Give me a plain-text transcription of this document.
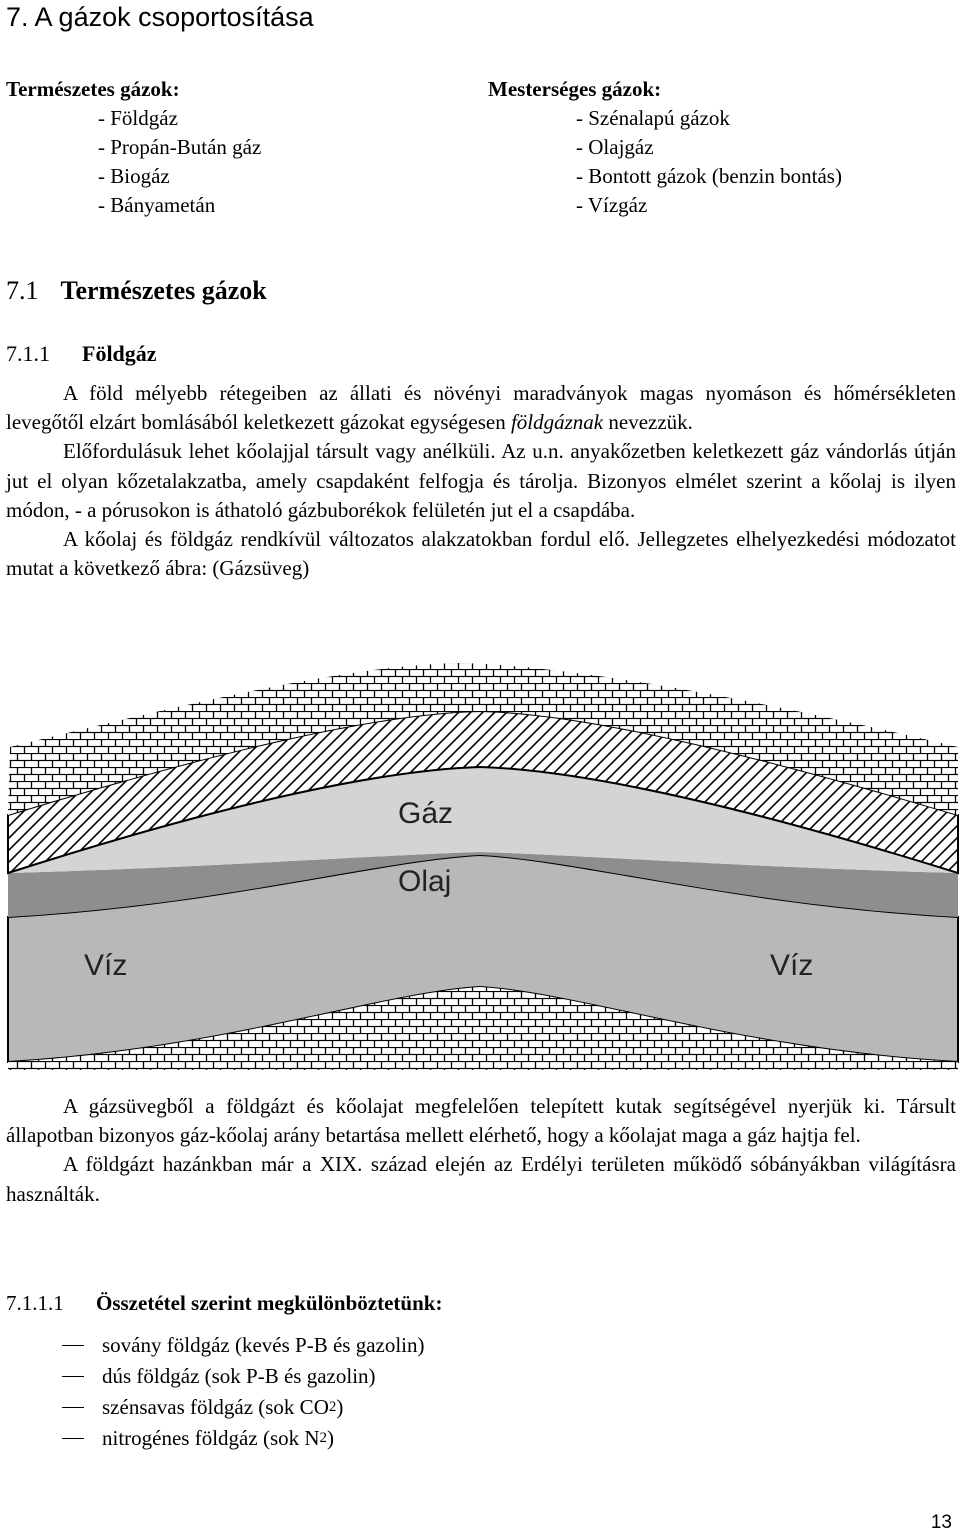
7. A gázok csoportosítása
Természetes gázok:
- Földgáz
- Propán-Bután gáz
- Biogáz
- Bányametán
Mesterséges gázok:
- Szénalapú gázok
- Olajgáz
- Bontott gázok (benzin bontás)
- Vízgáz
7.1 Természetes gázok
7.1.1 Földgáz

A föld mélyebb rétegeiben az állati és növényi maradványok magas nyomáson és hőmérsékleten levegőtől elzárt bomlásából keletkezett gázokat egységesen földgáznak nevezzük.

Előfordulásuk lehet kőolajjal társult vagy anélküli. Az u.n. anyakőzetben keletkezett gáz vándorlás útján jut el olyan kőzetalakzatba, amely csapdaként felfogja és tárolja. Bizonyos elmélet szerint a kőolaj is ilyen módon, - a pórusokon is áthatoló gázbuborékok felületén jut el a csapdába.

A kőolaj és földgáz rendkívül változatos alakzatokban fordul elő. Jellegzetes elhelyezkedési módozatot mutat a következő ábra: (Gázsüveg)

Gáz
Olaj
Víz	Víz

A gázsüvegből a földgázt és kőolajat megfelelően telepített kutak segítségével nyerjük ki. Társult állapotban bizonyos gáz-kőolaj arány betartása mellett elérhető, hogy a kőolajat maga a gáz hajtja fel.

A földgázt hazánkban már a XIX. század elején az Erdélyi területen működő sóbányákban világításra használták.

7.1.1.1 Összetétel szerint megkülönböztetünk:
sovány földgáz (kevés P-B és gazolin)
dús földgáz (sok P-B és gazolin)
szénsavas földgáz (sok CO 2 )
nitrogénes földgáz (sok N 2 )
13
